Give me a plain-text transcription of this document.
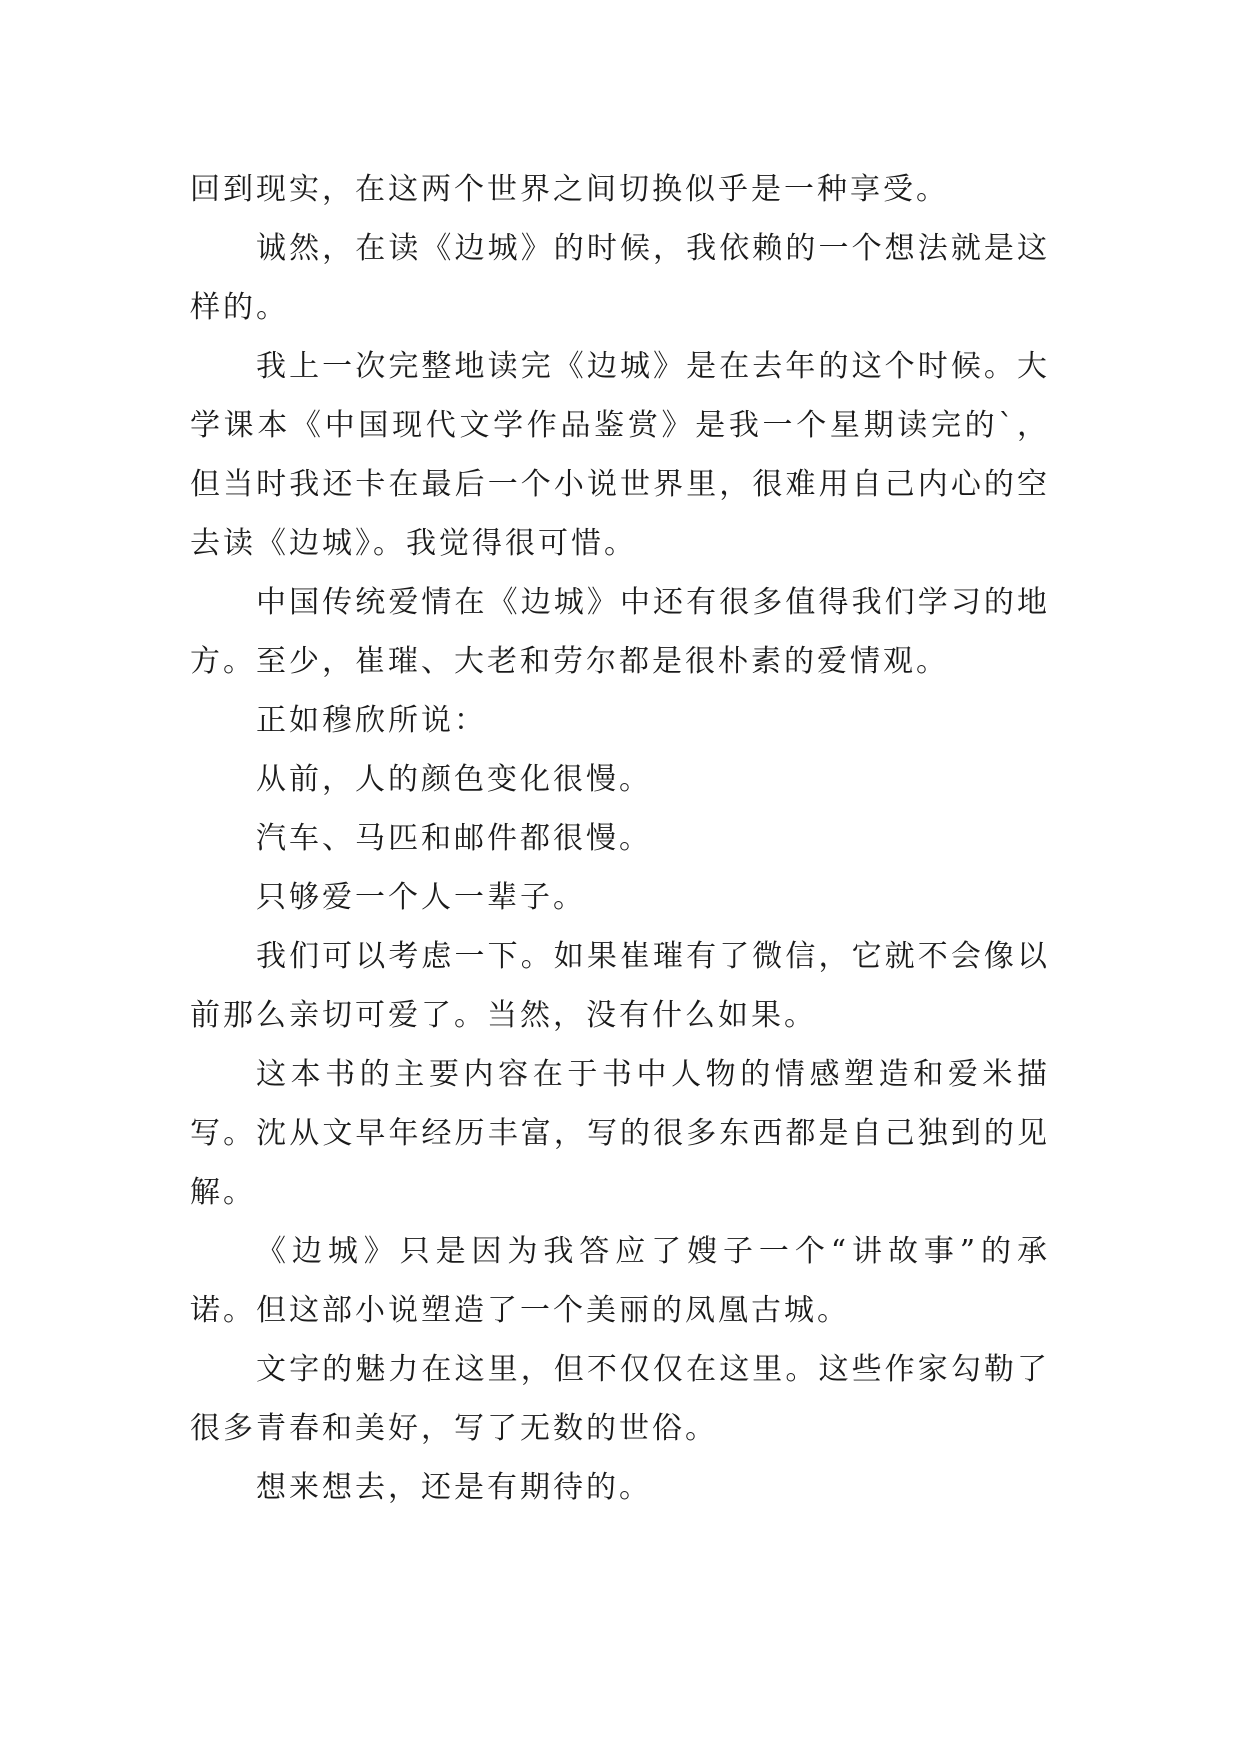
回到现实，在这两个世界之间切换似乎是一种享受。

诚然，在读《边城》的时候，我依赖的一个想法就是这样的。

我上一次完整地读完《边城》是在去年的这个时候。大学课本《中国现代文学作品鉴赏》是我一个星期读完的`，但当时我还卡在最后一个小说世界里，很难用自己内心的空去读《边城》。我觉得很可惜。

中国传统爱情在《边城》中还有很多值得我们学习的地方。至少，崔璀、大老和劳尔都是很朴素的爱情观。

正如穆欣所说：

从前，人的颜色变化很慢。

汽车、马匹和邮件都很慢。

只够爱一个人一辈子。

我们可以考虑一下。如果崔璀有了微信，它就不会像以前那么亲切可爱了。当然，没有什么如果。

这本书的主要内容在于书中人物的情感塑造和爱米描写。沈从文早年经历丰富，写的很多东西都是自己独到的见解。

《边城》只是因为我答应了嫂子一个“讲故事”的承诺。但这部小说塑造了一个美丽的凤凰古城。

文字的魅力在这里，但不仅仅在这里。这些作家勾勒了很多青春和美好，写了无数的世俗。

想来想去，还是有期待的。
